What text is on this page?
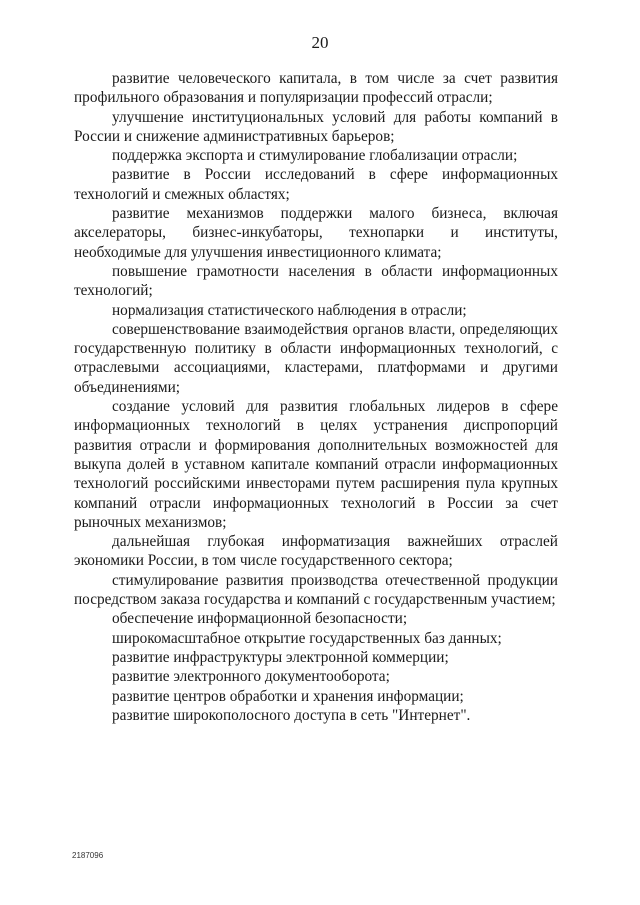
20

развитие человеческого капитала, в том числе за счет развития профильного образования и популяризации профессий отрасли;

улучшение институциональных условий для работы компаний в России и снижение административных барьеров;

поддержка экспорта и стимулирование глобализации отрасли;

развитие в России исследований в сфере информационных технологий и смежных областях;

развитие механизмов поддержки малого бизнеса, включая акселераторы, бизнес-инкубаторы, технопарки и институты, необходимые для улучшения инвестиционного климата;

повышение грамотности населения в области информационных технологий;

нормализация статистического наблюдения в отрасли;

совершенствование взаимодействия органов власти, определяющих государственную политику в области информационных технологий, с отраслевыми ассоциациями, кластерами, платформами и другими объединениями;

создание условий для развития глобальных лидеров в сфере информационных технологий в целях устранения диспропорций развития отрасли и формирования дополнительных возможностей для выкупа долей в уставном капитале компаний отрасли информационных технологий российскими инвесторами путем расширения пула крупных компаний отрасли информационных технологий в России за счет рыночных механизмов;

дальнейшая глубокая информатизация важнейших отраслей экономики России, в том числе государственного сектора;

стимулирование развития производства отечественной продукции посредством заказа государства и компаний с государственным участием;

обеспечение информационной безопасности;

широкомасштабное открытие государственных баз данных;

развитие инфраструктуры электронной коммерции;

развитие электронного документооборота;

развитие центров обработки и хранения информации;

развитие широкополосного доступа в сеть "Интернет".

2187096
